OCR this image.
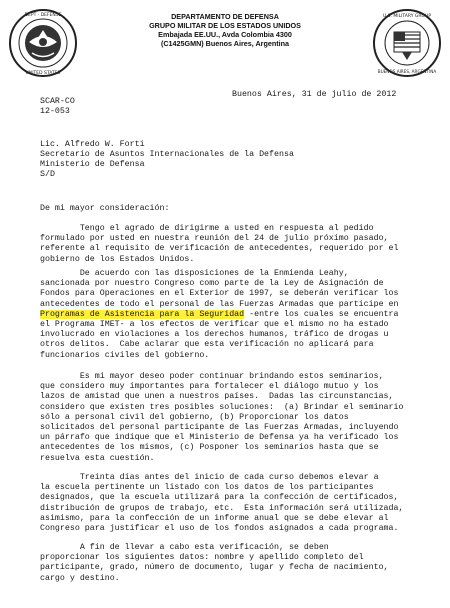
DEPT · DEFENSE
UNITED STATES
DEPARTAMENTO DE DEFENSA
GRUPO MILITAR DE LOS ESTADOS UNIDOS
Embajada EE.UU., Avda Colombia 4300
(C1425GMN) Buenos Aires, Argentina
U.S. MILITARY GROUP
BUENOS AIRES, ARGENTINA
SCAR-CO
Buenos Aires, 31 de julio de 2012
12-053
Lic. Alfredo W. Forti
Secretario de Asuntos Internacionales de la Defensa
Ministerio de Defensa
S/D
De mi mayor consideración:
Tengo el agrado de dirigirme a usted en respuesta al pedido
formulado por usted en nuestra reunión del 24 de julio próximo pasado,
referente al requisito de verificación de antecedentes, requerido por el
gobierno de los Estados Unidos.
De acuerdo con las disposiciones de la Enmienda Leahy,
sancionada por nuestro Congreso como parte de la Ley de Asignación de
Fondos para Operaciones en el Exterior de 1997, se deberán verificar los
antecedentes de todo el personal de las Fuerzas Armadas que participe en
Programas de Asistencia para la Seguridad -entre los cuales se encuentra
el Programa IMET- a los efectos de verificar que el mismo no ha estado
involucrado en violaciones a los derechos humanos, tráfico de drogas u
otros delitos.  Cabe aclarar que esta verificación no aplicará para
funcionarios civiles del gobierno.
Es mi mayor deseo poder continuar brindando estos seminarios,
que considero muy importantes para fortalecer el diálogo mutuo y los
lazos de amistad que unen a nuestros países.  Dadas las circunstancias,
considero que existen tres posibles soluciones:  (a) Brindar el seminario
sólo a personal civil del gobierno, (b) Proporcionar los datos
solicitados del personal participante de las Fuerzas Armadas, incluyendo
un párrafo que indique que el Ministerio de Defensa ya ha verificado los
antecedentes de los mismos, (c) Posponer los seminarios hasta que se
resuelva esta cuestión.
Treinta días antes del inicio de cada curso debemos elevar a
la escuela pertinente un listado con los datos de los participantes
designados, que la escuela utilizará para la confección de certificados,
distribución de grupos de trabajo, etc.  Esta información será utilizada,
asimismo, para la confección de un informe anual que se debe elevar al
Congreso para justificar el uso de los fondos asignados a cada programa.
A fin de llevar a cabo esta verificación, se deben
proporcionar los siguientes datos: nombre y apellido completo del
participante, grado, número de documento, lugar y fecha de nacimiento,
cargo y destino.
